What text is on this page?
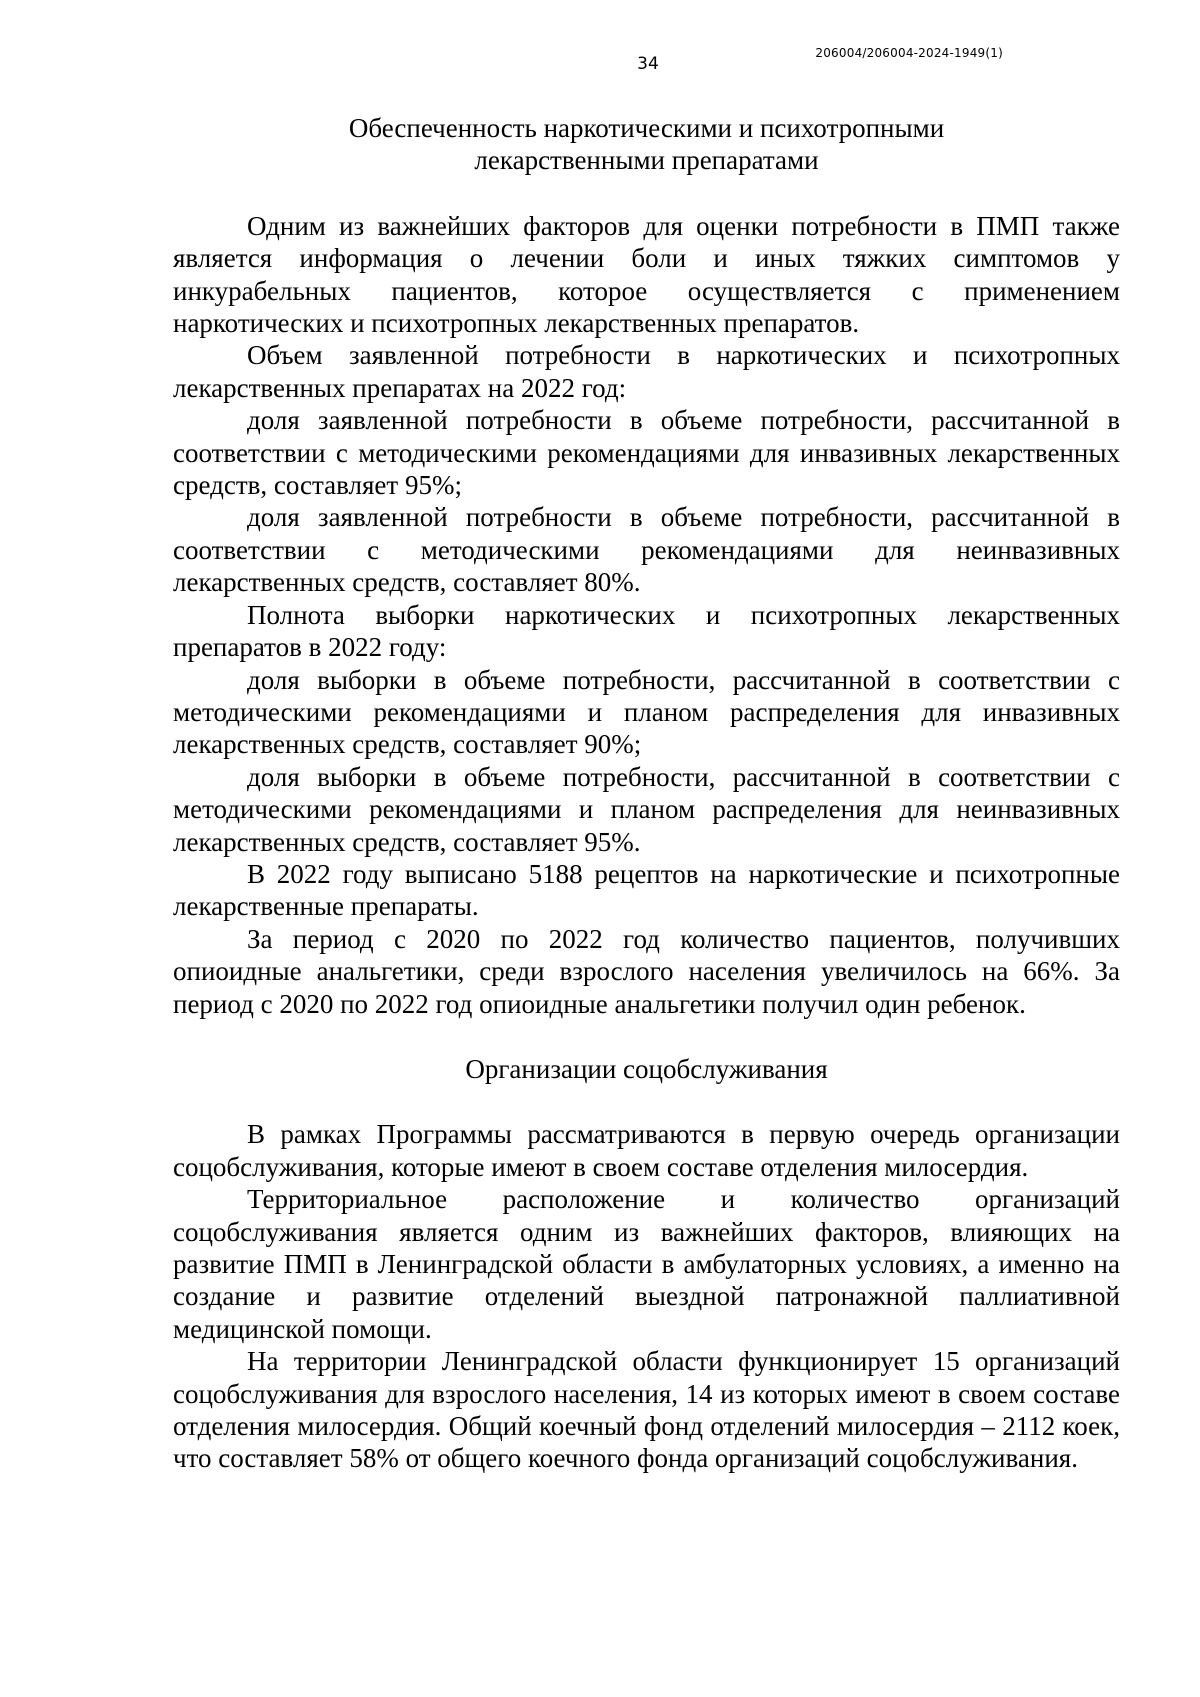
206004/206004-2024-1949(1)
34
Обеспеченность наркотическими и психотропными
лекарственными препаратами

Одним из важнейших факторов для оценки потребности в ПМП также является информация о лечении боли и иных тяжких симптомов у инкурабельных пациентов, которое осуществляется с применением наркотических и психотропных лекарственных препаратов.

Объем заявленной потребности в наркотических и психотропных лекарственных препаратах на 2022 год:

доля заявленной потребности в объеме потребности, рассчитанной в соответствии с методическими рекомендациями для инвазивных лекарственных средств, составляет 95%;

доля заявленной потребности в объеме потребности, рассчитанной в соответствии с методическими рекомендациями для неинвазивных лекарственных средств, составляет 80%.

Полнота выборки наркотических и психотропных лекарственных препаратов в 2022 году:

доля выборки в объеме потребности, рассчитанной в соответствии с методическими рекомендациями и планом распределения для инвазивных лекарственных средств, составляет 90%;

доля выборки в объеме потребности, рассчитанной в соответствии с методическими рекомендациями и планом распределения для неинвазивных лекарственных средств, составляет 95%.

В 2022 году выписано 5188 рецептов на наркотические и психотропные лекарственные препараты.

За период с 2020 по 2022 год количество пациентов, получивших опиоидные анальгетики, среди взрослого населения увеличилось на 66%. За период с 2020 по 2022 год опиоидные анальгетики получил один ребенок.

Организации соцобслуживания

В рамках Программы рассматриваются в первую очередь организации соцобслуживания, которые имеют в своем составе отделения милосердия.

Территориальное расположение и количество организаций соцобслуживания является одним из важнейших факторов, влияющих на развитие ПМП в Ленинградской области в амбулаторных условиях, а именно на создание и развитие отделений выездной патронажной паллиативной медицинской помощи.

На территории Ленинградской области функционирует 15 организаций соцобслуживания для взрослого населения, 14 из которых имеют в своем составе отделения милосердия. Общий коечный фонд отделений милосердия – 2112 коек, что составляет 58% от общего коечного фонда организаций соцобслуживания.
